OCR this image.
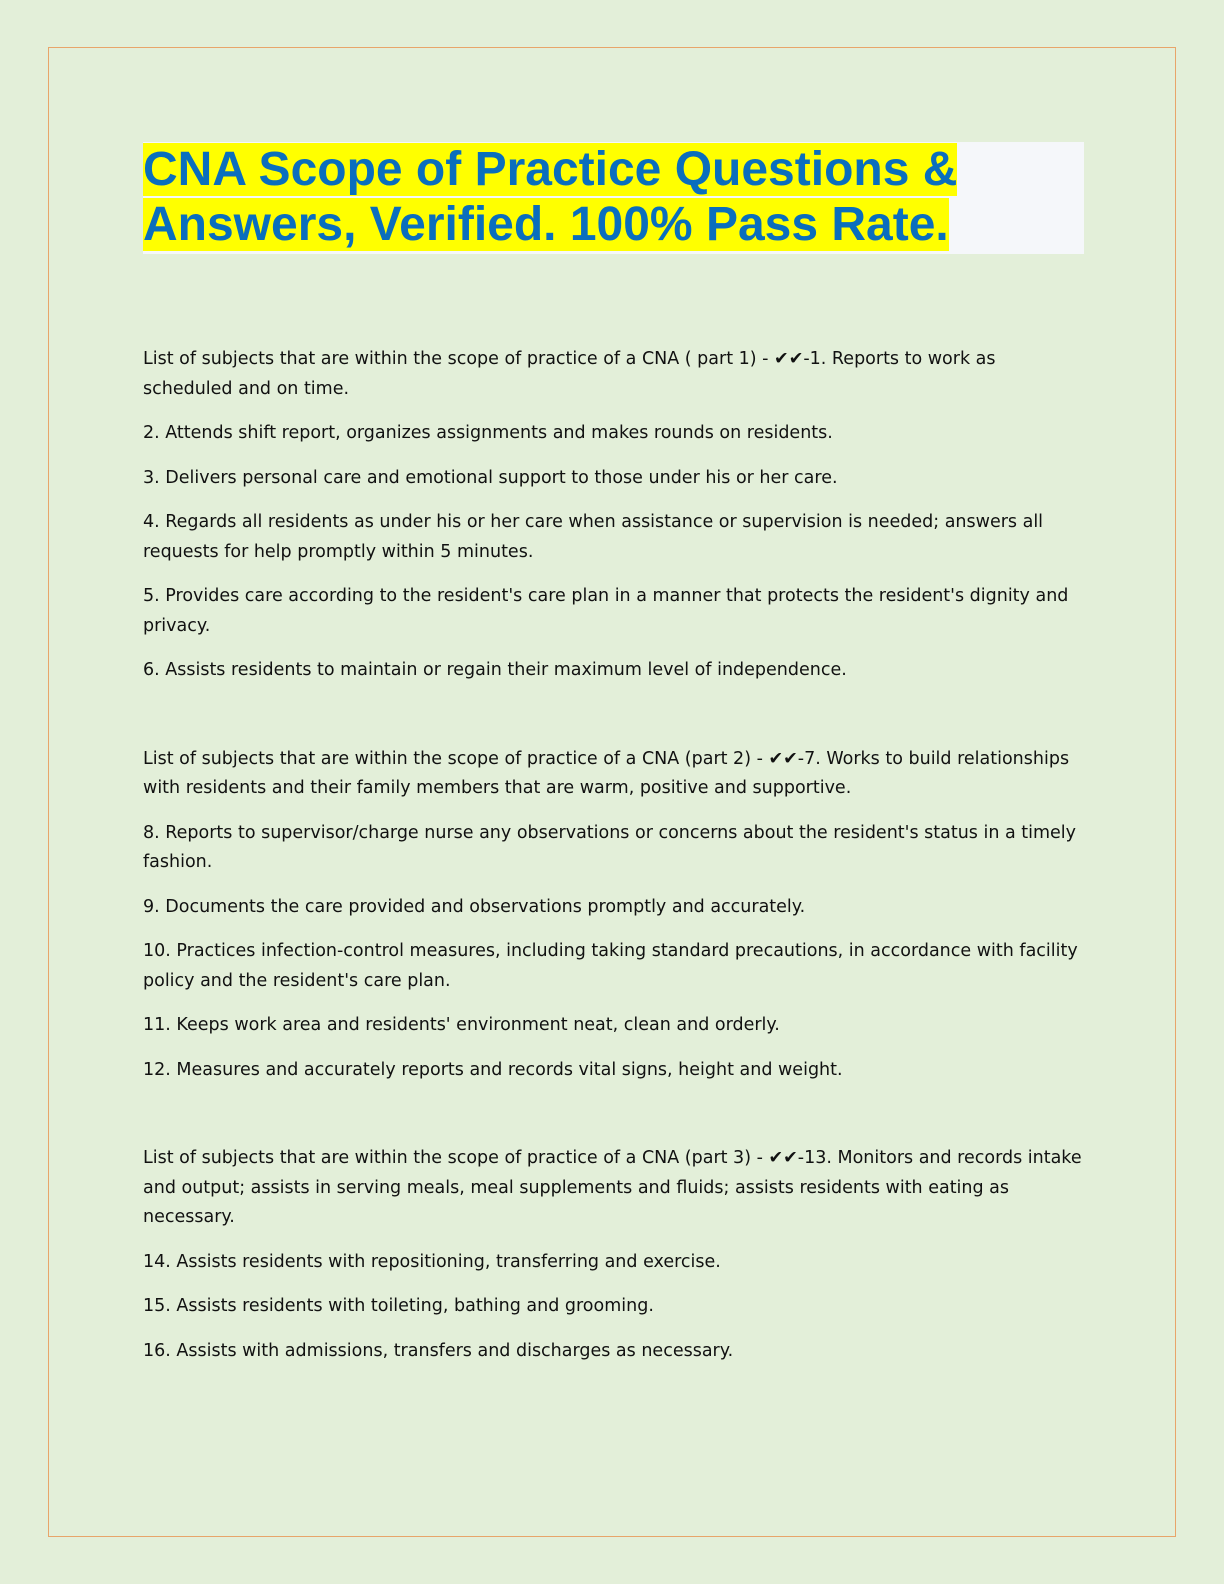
CNA Scope of Practice Questions &
Answers, Verified. 100% Pass Rate.

List of subjects that are within the scope of practice of a CNA ( part 1) - ✔✔-1. Reports to work as scheduled and on time.

2. Attends shift report, organizes assignments and makes rounds on residents.

3. Delivers personal care and emotional support to those under his or her care.

4. Regards all residents as under his or her care when assistance or supervision is needed; answers all requests for help promptly within 5 minutes.

5. Provides care according to the resident's care plan in a manner that protects the resident's dignity and privacy.

6. Assists residents to maintain or regain their maximum level of independence.

List of subjects that are within the scope of practice of a CNA (part 2) - ✔✔-7. Works to build relationships with residents and their family members that are warm, positive and supportive.

8. Reports to supervisor/charge nurse any observations or concerns about the resident's status in a timely fashion.

9. Documents the care provided and observations promptly and accurately.

10. Practices infection-control measures, including taking standard precautions, in accordance with facility policy and the resident's care plan.

11. Keeps work area and residents' environment neat, clean and orderly.

12. Measures and accurately reports and records vital signs, height and weight.

List of subjects that are within the scope of practice of a CNA (part 3) - ✔✔-13. Monitors and records intake and output; assists in serving meals, meal supplements and fluids; assists residents with eating as necessary.

14. Assists residents with repositioning, transferring and exercise.

15. Assists residents with toileting, bathing and grooming.

16. Assists with admissions, transfers and discharges as necessary.
